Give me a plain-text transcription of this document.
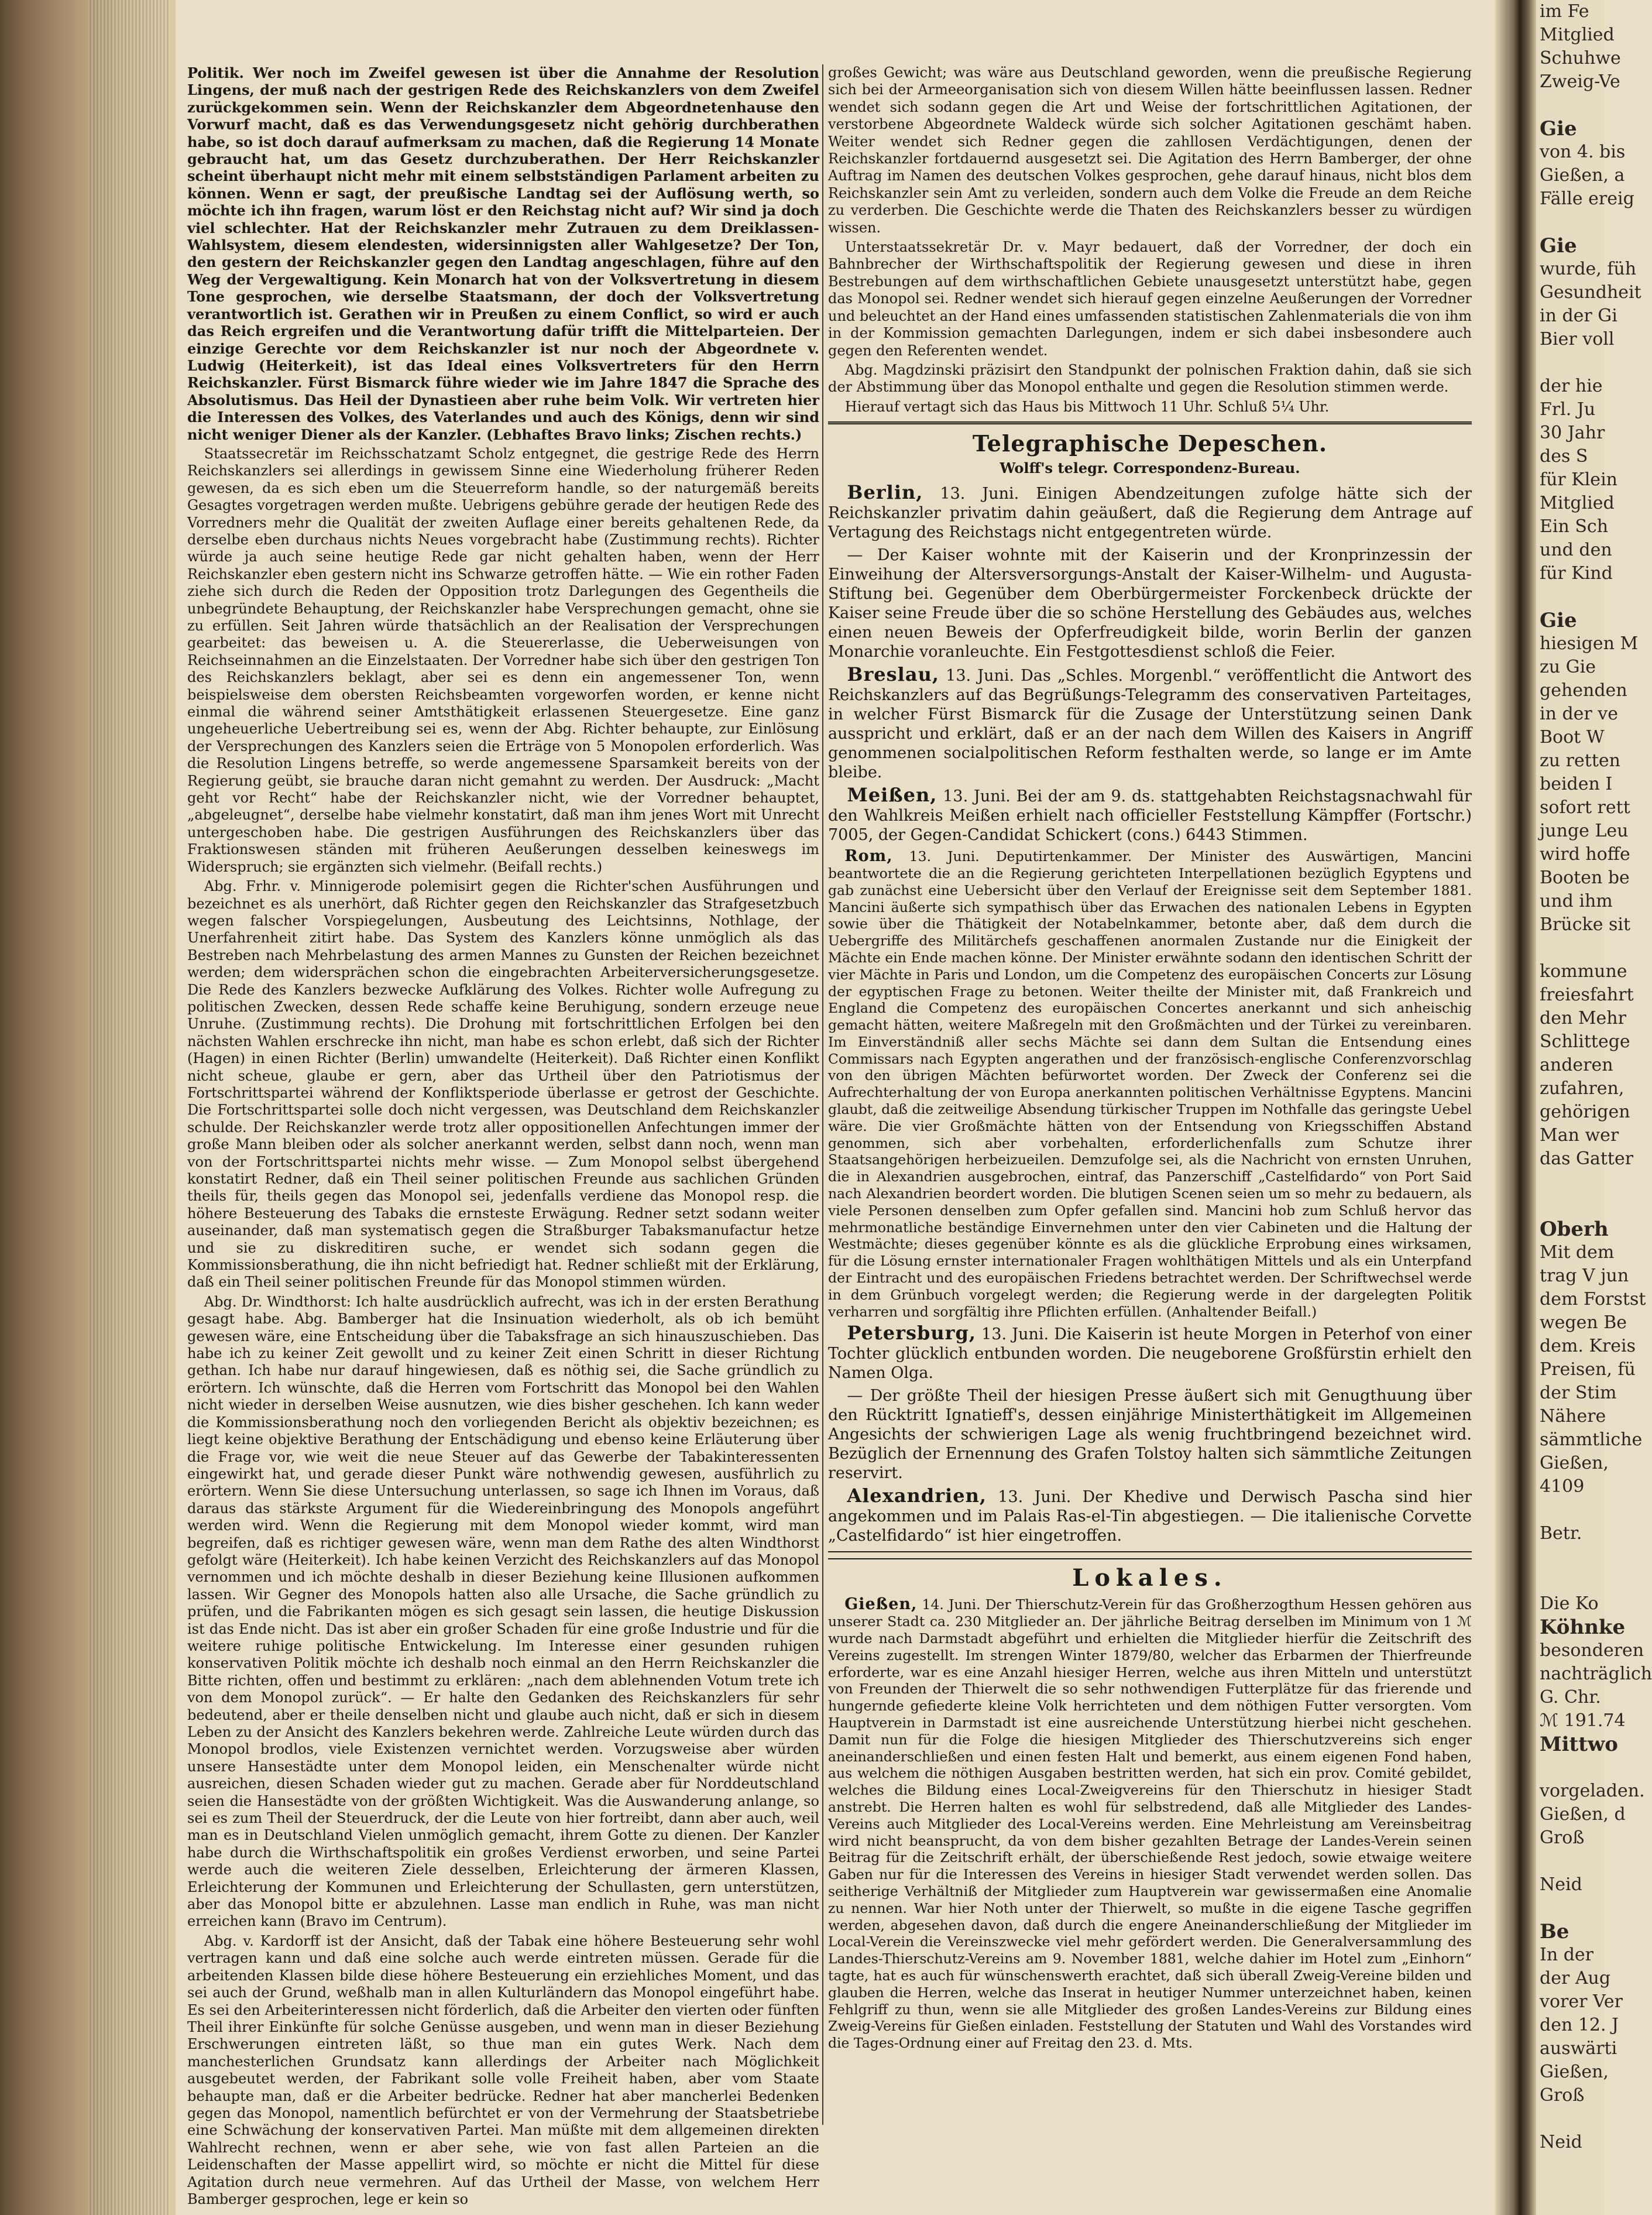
Politik. Wer noch im Zweifel gewesen ist über die Annahme der Resolution Lingens, der muß nach der gestrigen Rede des Reichskanzlers von dem Zweifel zurückgekommen sein. Wenn der Reichskanzler dem Abgeordnetenhause den Vorwurf macht, daß es das Verwendungsgesetz nicht gehörig durchberathen habe, so ist doch darauf aufmerksam zu machen, daß die Regierung 14 Monate gebraucht hat, um das Gesetz durchzuberathen. Der Herr Reichskanzler scheint überhaupt nicht mehr mit einem selbstständigen Parlament arbeiten zu können. Wenn er sagt, der preußische Landtag sei der Auflösung werth, so möchte ich ihn fragen, warum löst er den Reichstag nicht auf? Wir sind ja doch viel schlechter. Hat der Reichskanzler mehr Zutrauen zu dem Dreiklassen-Wahlsystem, diesem elendesten, widersinnigsten aller Wahlgesetze? Der Ton, den gestern der Reichskanzler gegen den Landtag angeschlagen, führe auf den Weg der Vergewaltigung. Kein Monarch hat von der Volksvertretung in diesem Tone gesprochen, wie derselbe Staatsmann, der doch der Volksvertretung verantwortlich ist. Gerathen wir in Preußen zu einem Conflict, so wird er auch das Reich ergreifen und die Verantwortung dafür trifft die Mittelparteien. Der einzige Gerechte vor dem Reichskanzler ist nur noch der Abgeordnete v. Ludwig (Heiterkeit), ist das Ideal eines Volksvertreters für den Herrn Reichskanzler. Fürst Bismarck führe wieder wie im Jahre 1847 die Sprache des Absolutismus. Das Heil der Dynastieen aber ruhe beim Volk. Wir vertreten hier die Interessen des Volkes, des Vaterlandes und auch des Königs, denn wir sind nicht weniger Diener als der Kanzler. (Lebhaftes Bravo links; Zischen rechts.)

Staatssecretär im Reichsschatzamt Scholz entgegnet, die gestrige Rede des Herrn Reichskanzlers sei allerdings in gewissem Sinne eine Wiederholung früherer Reden gewesen, da es sich eben um die Steuerreform handle, so der naturgemäß bereits Gesagtes vorgetragen werden mußte. Uebrigens gebühre gerade der heutigen Rede des Vorredners mehr die Qualität der zweiten Auflage einer bereits gehaltenen Rede, da derselbe eben durchaus nichts Neues vorgebracht habe (Zustimmung rechts). Richter würde ja auch seine heutige Rede gar nicht gehalten haben, wenn der Herr Reichskanzler eben gestern nicht ins Schwarze getroffen hätte. — Wie ein rother Faden ziehe sich durch die Reden der Opposition trotz Darlegungen des Gegentheils die unbegründete Behauptung, der Reichskanzler habe Versprechungen gemacht, ohne sie zu erfüllen. Seit Jahren würde thatsächlich an der Realisation der Versprechungen gearbeitet: das beweisen u. A. die Steuererlasse, die Ueberweisungen von Reichseinnahmen an die Einzelstaaten. Der Vorredner habe sich über den gestrigen Ton des Reichskanzlers beklagt, aber sei es denn ein angemessener Ton, wenn beispielsweise dem obersten Reichsbeamten vorgeworfen worden, er kenne nicht einmal die während seiner Amtsthätigkeit erlassenen Steuergesetze. Eine ganz ungeheuerliche Uebertreibung sei es, wenn der Abg. Richter behaupte, zur Einlösung der Versprechungen des Kanzlers seien die Erträge von 5 Monopolen erforderlich. Was die Resolution Lingens betreffe, so werde angemessene Sparsamkeit bereits von der Regierung geübt, sie brauche daran nicht gemahnt zu werden. Der Ausdruck: „Macht geht vor Recht“ habe der Reichskanzler nicht, wie der Vorredner behauptet, „abgeleugnet“, derselbe habe vielmehr konstatirt, daß man ihm jenes Wort mit Unrecht untergeschoben habe. Die gestrigen Ausführungen des Reichskanzlers über das Fraktionswesen ständen mit früheren Aeußerungen desselben keineswegs im Widerspruch; sie ergänzten sich vielmehr. (Beifall rechts.)

Abg. Frhr. v. Minnigerode polemisirt gegen die Richter'schen Ausführungen und bezeichnet es als unerhört, daß Richter gegen den Reichskanzler das Strafgesetzbuch wegen falscher Vorspiegelungen, Ausbeutung des Leichtsinns, Nothlage, der Unerfahrenheit zitirt habe. Das System des Kanzlers könne unmöglich als das Bestreben nach Mehrbelastung des armen Mannes zu Gunsten der Reichen bezeichnet werden; dem widersprächen schon die eingebrachten Arbeiterversicherungsgesetze. Die Rede des Kanzlers bezwecke Aufklärung des Volkes. Richter wolle Aufregung zu politischen Zwecken, dessen Rede schaffe keine Beruhigung, sondern erzeuge neue Unruhe. (Zustimmung rechts). Die Drohung mit fortschrittlichen Erfolgen bei den nächsten Wahlen erschrecke ihn nicht, man habe es schon erlebt, daß sich der Richter (Hagen) in einen Richter (Berlin) umwandelte (Heiterkeit). Daß Richter einen Konflikt nicht scheue, glaube er gern, aber das Urtheil über den Patriotismus der Fortschrittspartei während der Konfliktsperiode überlasse er getrost der Geschichte. Die Fortschrittspartei solle doch nicht vergessen, was Deutschland dem Reichskanzler schulde. Der Reichskanzler werde trotz aller oppositionellen Anfechtungen immer der große Mann bleiben oder als solcher anerkannt werden, selbst dann noch, wenn man von der Fortschrittspartei nichts mehr wisse. — Zum Monopol selbst übergehend konstatirt Redner, daß ein Theil seiner politischen Freunde aus sachlichen Gründen theils für, theils gegen das Monopol sei, jedenfalls verdiene das Monopol resp. die höhere Besteuerung des Tabaks die ernsteste Erwägung. Redner setzt sodann weiter auseinander, daß man systematisch gegen die Straßburger Tabaksmanufactur hetze und sie zu diskreditiren suche, er wendet sich sodann gegen die Kommissionsberathung, die ihn nicht befriedigt hat. Redner schließt mit der Erklärung, daß ein Theil seiner politischen Freunde für das Monopol stimmen würden.

Abg. Dr. Windthorst: Ich halte ausdrücklich aufrecht, was ich in der ersten Berathung gesagt habe. Abg. Bamberger hat die Insinuation wiederholt, als ob ich bemüht gewesen wäre, eine Entscheidung über die Tabaksfrage an sich hinauszuschieben. Das habe ich zu keiner Zeit gewollt und zu keiner Zeit einen Schritt in dieser Richtung gethan. Ich habe nur darauf hingewiesen, daß es nöthig sei, die Sache gründlich zu erörtern. Ich wünschte, daß die Herren vom Fortschritt das Monopol bei den Wahlen nicht wieder in derselben Weise ausnutzen, wie dies bisher geschehen. Ich kann weder die Kommissionsberathung noch den vorliegenden Bericht als objektiv bezeichnen; es liegt keine objektive Berathung der Entschädigung und ebenso keine Erläuterung über die Frage vor, wie weit die neue Steuer auf das Gewerbe der Tabakinteressenten eingewirkt hat, und gerade dieser Punkt wäre nothwendig gewesen, ausführlich zu erörtern. Wenn Sie diese Untersuchung unterlassen, so sage ich Ihnen im Voraus, daß daraus das stärkste Argument für die Wiedereinbringung des Monopols angeführt werden wird. Wenn die Regierung mit dem Monopol wieder kommt, wird man begreifen, daß es richtiger gewesen wäre, wenn man dem Rathe des alten Windthorst gefolgt wäre (Heiterkeit). Ich habe keinen Verzicht des Reichskanzlers auf das Monopol vernommen und ich möchte deshalb in dieser Beziehung keine Illusionen aufkommen lassen. Wir Gegner des Monopols hatten also alle Ursache, die Sache gründlich zu prüfen, und die Fabrikanten mögen es sich gesagt sein lassen, die heutige Diskussion ist das Ende nicht. Das ist aber ein großer Schaden für eine große Industrie und für die weitere ruhige politische Entwickelung. Im Interesse einer gesunden ruhigen konservativen Politik möchte ich deshalb noch einmal an den Herrn Reichskanzler die Bitte richten, offen und bestimmt zu erklären: „nach dem ablehnenden Votum trete ich von dem Monopol zurück“. — Er halte den Gedanken des Reichskanzlers für sehr bedeutend, aber er theile denselben nicht und glaube auch nicht, daß er sich in diesem Leben zu der Ansicht des Kanzlers bekehren werde. Zahlreiche Leute würden durch das Monopol brodlos, viele Existenzen vernichtet werden. Vorzugsweise aber würden unsere Hansestädte unter dem Monopol leiden, ein Menschenalter würde nicht ausreichen, diesen Schaden wieder gut zu machen. Gerade aber für Norddeutschland seien die Hansestädte von der größten Wichtigkeit. Was die Auswanderung anlange, so sei es zum Theil der Steuerdruck, der die Leute von hier fortreibt, dann aber auch, weil man es in Deutschland Vielen unmöglich gemacht, ihrem Gotte zu dienen. Der Kanzler habe durch die Wirthschaftspolitik ein großes Verdienst erworben, und seine Partei werde auch die weiteren Ziele desselben, Erleichterung der ärmeren Klassen, Erleichterung der Kommunen und Erleichterung der Schullasten, gern unterstützen, aber das Monopol bitte er abzulehnen. Lasse man endlich in Ruhe, was man nicht erreichen kann (Bravo im Centrum).

Abg. v. Kardorff ist der Ansicht, daß der Tabak eine höhere Besteuerung sehr wohl vertragen kann und daß eine solche auch werde eintreten müssen. Gerade für die arbeitenden Klassen bilde diese höhere Besteuerung ein erziehliches Moment, und das sei auch der Grund, weßhalb man in allen Kulturländern das Monopol eingeführt habe. Es sei den Arbeiterinteressen nicht förderlich, daß die Arbeiter den vierten oder fünften Theil ihrer Einkünfte für solche Genüsse ausgeben, und wenn man in dieser Beziehung Erschwerungen eintreten läßt, so thue man ein gutes Werk. Nach dem manchesterlichen Grundsatz kann allerdings der Arbeiter nach Möglichkeit ausgebeutet werden, der Fabrikant solle volle Freiheit haben, aber vom Staate behaupte man, daß er die Arbeiter bedrücke. Redner hat aber mancherlei Bedenken gegen das Monopol, namentlich befürchtet er von der Vermehrung der Staatsbetriebe eine Schwächung der konservativen Partei. Man müßte mit dem allgemeinen direkten Wahlrecht rechnen, wenn er aber sehe, wie von fast allen Parteien an die Leidenschaften der Masse appellirt wird, so möchte er nicht die Mittel für diese Agitation durch neue vermehren. Auf das Urtheil der Masse, von welchem Herr Bamberger gesprochen, lege er kein so

großes Gewicht; was wäre aus Deutschland geworden, wenn die preußische Regierung sich bei der Armeeorganisation sich von diesem Willen hätte beeinflussen lassen. Redner wendet sich sodann gegen die Art und Weise der fortschrittlichen Agitationen, der verstorbene Abgeordnete Waldeck würde sich solcher Agitationen geschämt haben. Weiter wendet sich Redner gegen die zahllosen Verdächtigungen, denen der Reichskanzler fortdauernd ausgesetzt sei. Die Agitation des Herrn Bamberger, der ohne Auftrag im Namen des deutschen Volkes gesprochen, gehe darauf hinaus, nicht blos dem Reichskanzler sein Amt zu verleiden, sondern auch dem Volke die Freude an dem Reiche zu verderben. Die Geschichte werde die Thaten des Reichskanzlers besser zu würdigen wissen.

Unterstaatssekretär Dr. v. Mayr bedauert, daß der Vorredner, der doch ein Bahnbrecher der Wirthschaftspolitik der Regierung gewesen und diese in ihren Bestrebungen auf dem wirthschaftlichen Gebiete unausgesetzt unterstützt habe, gegen das Monopol sei. Redner wendet sich hierauf gegen einzelne Aeußerungen der Vorredner und beleuchtet an der Hand eines umfassenden statistischen Zahlenmaterials die von ihm in der Kommission gemachten Darlegungen, indem er sich dabei insbesondere auch gegen den Referenten wendet.

Abg. Magdzinski präzisirt den Standpunkt der polnischen Fraktion dahin, daß sie sich der Abstimmung über das Monopol enthalte und gegen die Resolution stimmen werde.

Hierauf vertagt sich das Haus bis Mittwoch 11 Uhr. Schluß 5¼ Uhr.

Telegraphische Depeschen.
Wolff's telegr. Correspondenz-Bureau.

Berlin, 13. Juni. Einigen Abendzeitungen zufolge hätte sich der Reichskanzler privatim dahin geäußert, daß die Regierung dem Antrage auf Vertagung des Reichstags nicht entgegentreten würde.

— Der Kaiser wohnte mit der Kaiserin und der Kronprinzessin der Einweihung der Altersversorgungs-Anstalt der Kaiser-Wilhelm- und Augusta-Stiftung bei. Gegenüber dem Oberbürgermeister Forckenbeck drückte der Kaiser seine Freude über die so schöne Herstellung des Gebäudes aus, welches einen neuen Beweis der Opferfreudigkeit bilde, worin Berlin der ganzen Monarchie voranleuchte. Ein Festgottesdienst schloß die Feier.

Breslau, 13. Juni. Das „Schles. Morgenbl.“ veröffentlicht die Antwort des Reichskanzlers auf das Begrüßungs-Telegramm des conservativen Parteitages, in welcher Fürst Bismarck für die Zusage der Unterstützung seinen Dank ausspricht und erklärt, daß er an der nach dem Willen des Kaisers in Angriff genommenen socialpolitischen Reform festhalten werde, so lange er im Amte bleibe.

Meißen, 13. Juni. Bei der am 9. ds. stattgehabten Reichstagsnachwahl für den Wahlkreis Meißen erhielt nach officieller Feststellung Kämpffer (Fortschr.) 7005, der Gegen-Candidat Schickert (cons.) 6443 Stimmen.

Rom, 13. Juni. Deputirtenkammer. Der Minister des Auswärtigen, Mancini beantwortete die an die Regierung gerichteten Interpellationen bezüglich Egyptens und gab zunächst eine Uebersicht über den Verlauf der Ereignisse seit dem September 1881. Mancini äußerte sich sympathisch über das Erwachen des nationalen Lebens in Egypten sowie über die Thätigkeit der Notabelnkammer, betonte aber, daß dem durch die Uebergriffe des Militärchefs geschaffenen anormalen Zustande nur die Einigkeit der Mächte ein Ende machen könne. Der Minister erwähnte sodann den identischen Schritt der vier Mächte in Paris und London, um die Competenz des europäischen Concerts zur Lösung der egyptischen Frage zu betonen. Weiter theilte der Minister mit, daß Frankreich und England die Competenz des europäischen Concertes anerkannt und sich anheischig gemacht hätten, weitere Maßregeln mit den Großmächten und der Türkei zu vereinbaren. Im Einverständniß aller sechs Mächte sei dann dem Sultan die Entsendung eines Commissars nach Egypten angerathen und der französisch-englische Conferenzvorschlag von den übrigen Mächten befürwortet worden. Der Zweck der Conferenz sei die Aufrechterhaltung der von Europa anerkannten politischen Verhältnisse Egyptens. Mancini glaubt, daß die zeitweilige Absendung türkischer Truppen im Nothfalle das geringste Uebel wäre. Die vier Großmächte hätten von der Entsendung von Kriegsschiffen Abstand genommen, sich aber vorbehalten, erforderlichenfalls zum Schutze ihrer Staatsangehörigen herbeizueilen. Demzufolge sei, als die Nachricht von ernsten Unruhen, die in Alexandrien ausgebrochen, eintraf, das Panzerschiff „Castelfidardo“ von Port Said nach Alexandrien beordert worden. Die blutigen Scenen seien um so mehr zu bedauern, als viele Personen denselben zum Opfer gefallen sind. Mancini hob zum Schluß hervor das mehrmonatliche beständige Einvernehmen unter den vier Cabineten und die Haltung der Westmächte; dieses gegenüber könnte es als die glückliche Erprobung eines wirksamen, für die Lösung ernster internationaler Fragen wohlthätigen Mittels und als ein Unterpfand der Eintracht und des europäischen Friedens betrachtet werden. Der Schriftwechsel werde in dem Grünbuch vorgelegt werden; die Regierung werde in der dargelegten Politik verharren und sorgfältig ihre Pflichten erfüllen. (Anhaltender Beifall.)

Petersburg, 13. Juni. Die Kaiserin ist heute Morgen in Peterhof von einer Tochter glücklich entbunden worden. Die neugeborene Großfürstin erhielt den Namen Olga.

— Der größte Theil der hiesigen Presse äußert sich mit Genugthuung über den Rücktritt Ignatieff's, dessen einjährige Ministerthätigkeit im Allgemeinen Angesichts der schwierigen Lage als wenig fruchtbringend bezeichnet wird. Bezüglich der Ernennung des Grafen Tolstoy halten sich sämmtliche Zeitungen reservirt.

Alexandrien, 13. Juni. Der Khedive und Derwisch Pascha sind hier angekommen und im Palais Ras-el-Tin abgestiegen. — Die italienische Corvette „Castelfidardo“ ist hier eingetroffen.

Lokales.

Gießen, 14. Juni. Der Thierschutz-Verein für das Großherzogthum Hessen gehören aus unserer Stadt ca. 230 Mitglieder an. Der jährliche Beitrag derselben im Minimum von 1 ℳ wurde nach Darmstadt abgeführt und erhielten die Mitglieder hierfür die Zeitschrift des Vereins zugestellt. Im strengen Winter 1879/80, welcher das Erbarmen der Thierfreunde erforderte, war es eine Anzahl hiesiger Herren, welche aus ihren Mitteln und unterstützt von Freunden der Thierwelt die so sehr nothwendigen Futterplätze für das frierende und hungernde gefiederte kleine Volk herrichteten und dem nöthigen Futter versorgten. Vom Hauptverein in Darmstadt ist eine ausreichende Unterstützung hierbei nicht geschehen. Damit nun für die Folge die hiesigen Mitglieder des Thierschutzvereins sich enger aneinanderschließen und einen festen Halt und bemerkt, aus einem eigenen Fond haben, aus welchem die nöthigen Ausgaben bestritten werden, hat sich ein prov. Comité gebildet, welches die Bildung eines Local-Zweigvereins für den Thierschutz in hiesiger Stadt anstrebt. Die Herren halten es wohl für selbstredend, daß alle Mitglieder des Landes-Vereins auch Mitglieder des Local-Vereins werden. Eine Mehrleistung am Vereinsbeitrag wird nicht beansprucht, da von dem bisher gezahlten Betrage der Landes-Verein seinen Beitrag für die Zeitschrift erhält, der überschießende Rest jedoch, sowie etwaige weitere Gaben nur für die Interessen des Vereins in hiesiger Stadt verwendet werden sollen. Das seitherige Verhältniß der Mitglieder zum Hauptverein war gewissermaßen eine Anomalie zu nennen. War hier Noth unter der Thierwelt, so mußte in die eigene Tasche gegriffen werden, abgesehen davon, daß durch die engere Aneinanderschließung der Mitglieder im Local-Verein die Vereinszwecke viel mehr gefördert werden. Die Generalversammlung des Landes-Thierschutz-Vereins am 9. November 1881, welche dahier im Hotel zum „Einhorn“ tagte, hat es auch für wünschenswerth erachtet, daß sich überall Zweig-Vereine bilden und glauben die Herren, welche das Inserat in heutiger Nummer unterzeichnet haben, keinen Fehlgriff zu thun, wenn sie alle Mitglieder des großen Landes-Vereins zur Bildung eines Zweig-Vereins für Gießen einladen. Feststellung der Statuten und Wahl des Vorstandes wird die Tages-Ordnung einer auf Freitag den 23. d. Mts.

im Fe
Mitglied
Schuhwe
Zweig-Ve

Gie
von 4. bis
Gießen, a
Fälle ereig

Gie
wurde, füh
Gesundheit
in der Gi
Bier voll

der hie
Frl. Ju
30 Jahr
des S
für Klein
Mitglied
Ein Sch
und den
für Kind

Gie
hiesigen M
zu Gie
gehenden
in der ve
Boot W
zu retten
beiden I
sofort rett
junge Leu
wird hoffe
Booten be
und ihm
Brücke sit

kommune
freiesfahrt
den Mehr
Schlittege
anderen
zufahren,
gehörigen
Man wer
das Gatter

Oberh
Mit dem
trag V jun
dem Forstst
wegen Be
dem. Kreis
Preisen, fü
der Stim
Nähere
sämmtliche
Gießen,
4109

Betr.

Die Ko
Köhnke
besonderen
nachträglich
G. Chr.
ℳ 191.74
Mittwo

vorgeladen.
Gießen, d
Groß

Neid

Be
In der
der Aug
vorer Ver
den 12. J
auswärti
Gießen,
Groß

Neid
